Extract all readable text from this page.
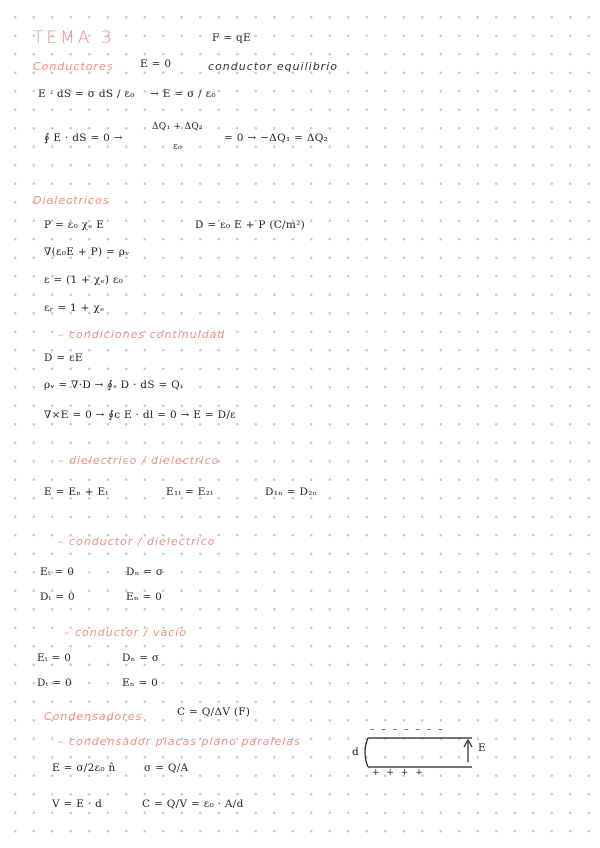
TEMA 3	F = qE
Conductores	E = 0	conductor equilibrio
E · dS = σ dS / ε₀ → E = σ / ε₀
∮ E · dS = 0 →
ΔQ₁ + ΔQ₂
ε₀
= 0 → −ΔQ₁ = ΔQ₂
Dielectricos
P = ε₀ χₑ E	D = ε₀ E + P (C/m²)
∇(ε₀E + P) = ρᵥ
ε = (1 + χₑ) ε₀
εᵣ = 1 + χₑ
– condiciones continuidad
D = εE
ρᵥ = ∇·D → ∮ₛ D · dS = Qᵢ
∇×E = 0 → ∮c E · dl = 0 → E = D/ε
– dielectrico / dielectrico
E = Eₙ + Eₜ	E₁ₜ = E₂ₜ	D₁ₙ = D₂ₙ
– conductor / dielectrico
Eₜ = 0	Dₙ = σ
Dₜ = 0	Eₙ = 0
– conductor / vacío
Eₜ = 0	Dₙ = σ
Dₜ = 0	Eₙ = 0
Condensadores	C = Q/ΔV (F)
– condensador placas plano paralelas
E = σ/2ε₀ n̂	σ = Q/A
V = E · d	C = Q/V = ε₀ · A/d
d	E
– – – – – – –
+ + + +
